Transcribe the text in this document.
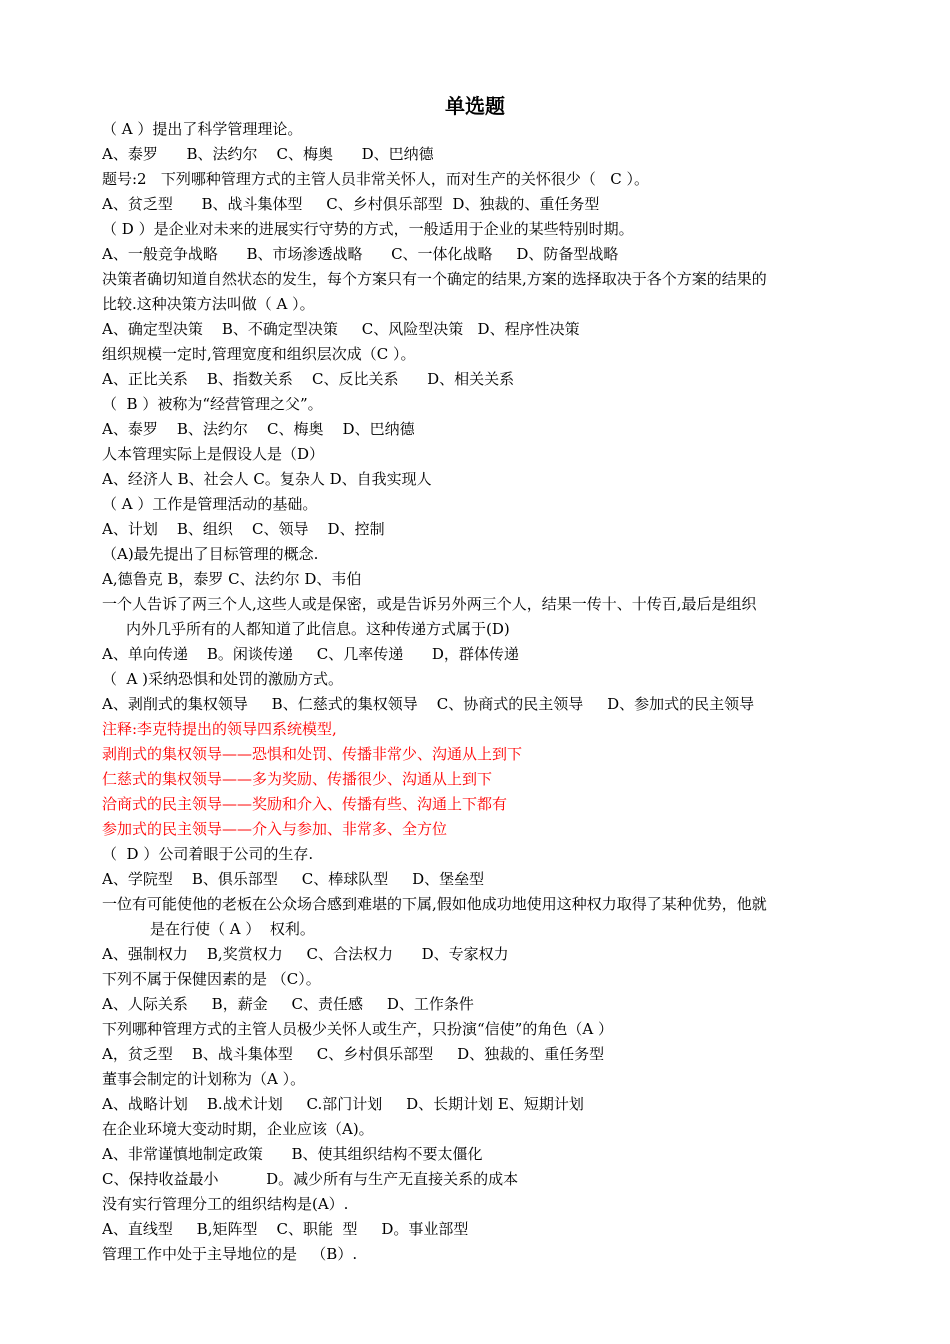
单选题
（ A ）提出了科学管理理论。
A、泰罗      B、法约尔    C、梅奥      D、巴纳德
题号:2   下列哪种管理方式的主管人员非常关怀人，而对生产的关怀很少（   C ）。
A、贫乏型      B、战斗集体型     C、乡村俱乐部型  D、独裁的、重任务型
（ D ）是企业对未来的进展实行守势的方式，一般适用于企业的某些特别时期。
A、一般竞争战略      B、市场渗透战略      C、一体化战略     D、防备型战略
决策者确切知道自然状态的发生，每个方案只有一个确定的结果,方案的选择取决于各个方案的结果的
比较.这种决策方法叫做（ A ）。
A、确定型决策    B、不确定型决策     C、风险型决策   D、程序性决策
组织规模一定时,管理宽度和组织层次成（C ）。
A、正比关系    B、指数关系    C、反比关系      D、相关关系
（  B ）被称为“经营管理之父”。
A、泰罗    B、法约尔    C、梅奥    D、巴纳德
人本管理实际上是假设人是（D）
A、经济人 B、社会人 C。复杂人 D、自我实现人
（ A ）工作是管理活动的基础。
A、计划    B、组织    C、领导    D、控制
（A)最先提出了目标管理的概念.
A,德鲁克 B，泰罗 C、法约尔 D、韦伯
一个人告诉了两三个人,这些人或是保密，或是告诉另外两三个人，结果一传十、十传百,最后是组织
内外几乎所有的人都知道了此信息。这种传递方式属于(D)
A、单向传递    B。闲谈传递     C、几率传递      D，群体传递
（  A )采纳恐惧和处罚的激励方式。
A、剥削式的集权领导     B、仁慈式的集权领导    C、协商式的民主领导     D、参加式的民主领导
注释:李克特提出的领导四系统模型,
剥削式的集权领导——恐惧和处罚、传播非常少、沟通从上到下
仁慈式的集权领导——多为奖励、传播很少、沟通从上到下
洽商式的民主领导——奖励和介入、传播有些、沟通上下都有
参加式的民主领导——介入与参加、非常多、全方位
（  D ）公司着眼于公司的生存.
A、学院型    B、俱乐部型     C、棒球队型     D、堡垒型
一位有可能使他的老板在公众场合感到难堪的下属,假如他成功地使用这种权力取得了某种优势，他就
是在行使（ A ）  权利。
A、强制权力    B,奖赏权力     C、合法权力      D、专家权力
下列不属于保健因素的是 （C）。
A、人际关系     B，薪金     C、责任感     D、工作条件
下列哪种管理方式的主管人员极少关怀人或生产，只扮演“信使”的角色（A ）
A，贫乏型    B、战斗集体型     C、乡村俱乐部型     D、独裁的、重任务型
董事会制定的计划称为（A ）。
A、战略计划    B.战术计划     C.部门计划     D、长期计划 E、短期计划
在企业环境大变动时期，企业应该（A)。
A、非常谨慎地制定政策      B、使其组织结构不要太僵化
C、保持收益最小          D。减少所有与生产无直接关系的成本
没有实行管理分工的组织结构是(A）.
A、直线型     B,矩阵型    C、职能  型     D。事业部型
管理工作中处于主导地位的是   （B）.
